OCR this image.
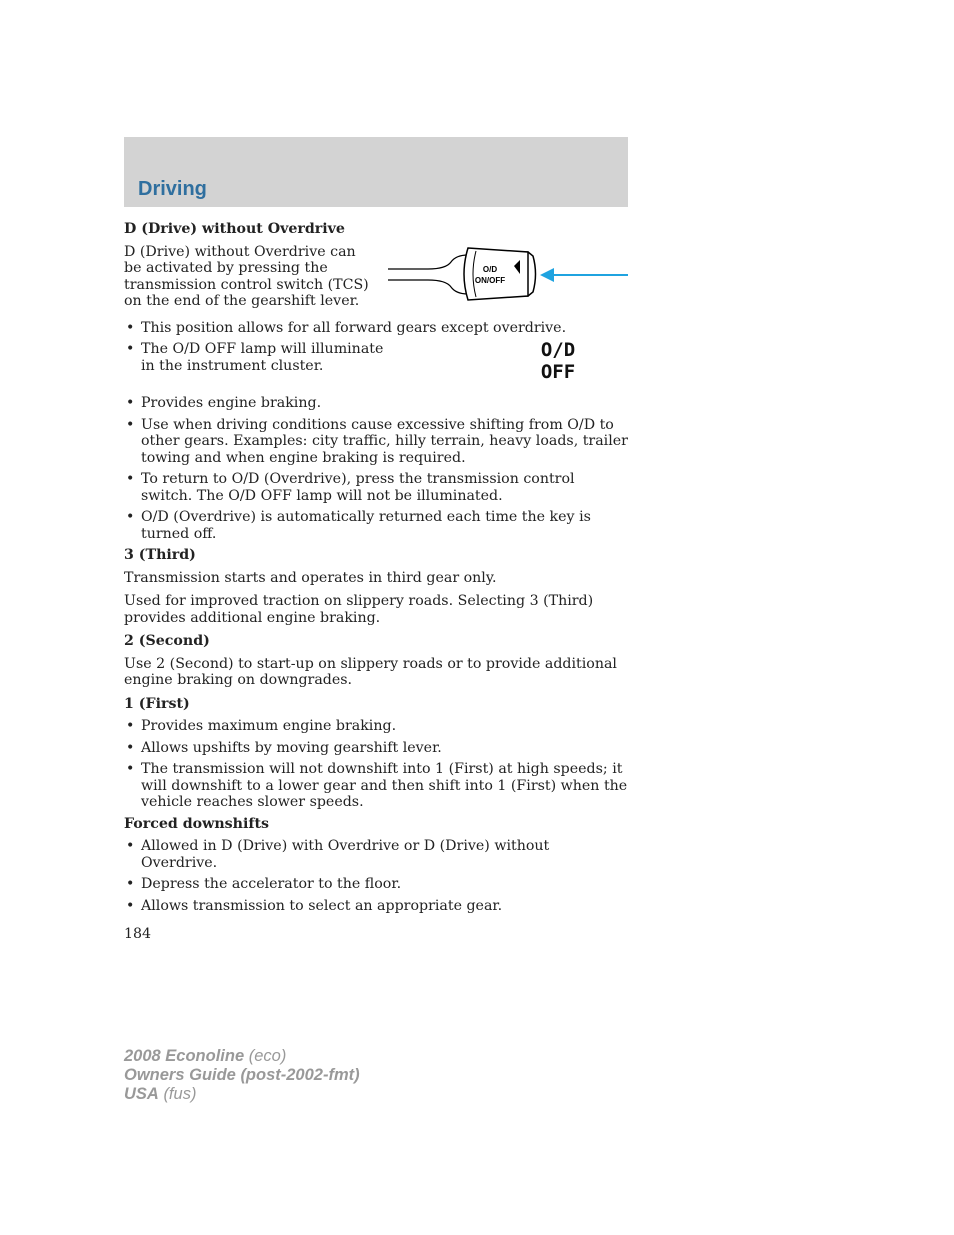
Driving
D (Drive) without Overdrive
D (Drive) without Overdrive can be activated by pressing the transmission control switch (TCS) on the end of the gearshift lever.
O/D
ON/OFF
• This position allows for all forward gears except overdrive.
• The O/D OFF lamp will illuminate in the instrument cluster.
O/D
OFF
• Provides engine braking.
• Use when driving conditions cause excessive shifting from O/D to other gears. Examples: city traffic, hilly terrain, heavy loads, trailer towing and when engine braking is required.
• To return to O/D (Overdrive), press the transmission control switch. The O/D OFF lamp will not be illuminated.
• O/D (Overdrive) is automatically returned each time the key is turned off.
3 (Third)
Transmission starts and operates in third gear only.
Used for improved traction on slippery roads. Selecting 3 (Third) provides additional engine braking.
2 (Second)
Use 2 (Second) to start-up on slippery roads or to provide additional engine braking on downgrades.
1 (First)
• Provides maximum engine braking.
• Allows upshifts by moving gearshift lever.
• The transmission will not downshift into 1 (First) at high speeds; it will downshift to a lower gear and then shift into 1 (First) when the vehicle reaches slower speeds.
Forced downshifts
• Allowed in D (Drive) with Overdrive or D (Drive) without Overdrive.
• Depress the accelerator to the floor.
• Allows transmission to select an appropriate gear.
184
2008 Econoline (eco)
Owners Guide (post-2002-fmt)
USA (fus)
